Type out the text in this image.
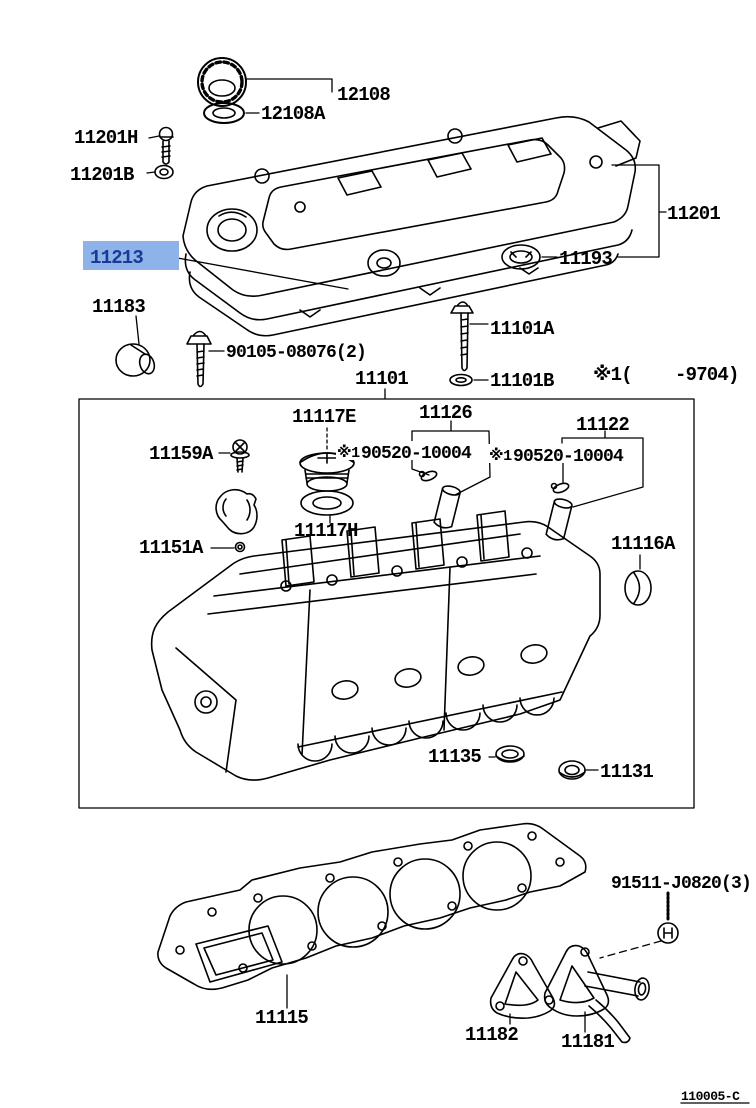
12108
12108A
11201H
11201B
11213
11201
11193
11183
90105-08076(2)
11101A
11101	11101B ※1( -9704)
11117E	11126
11122
※1 90520-10004 ※1 90520-10004
11159A
11117H
11151A	11116A
11135
11131
11115
91511-J0820(3)
11182 11181
110005-C
